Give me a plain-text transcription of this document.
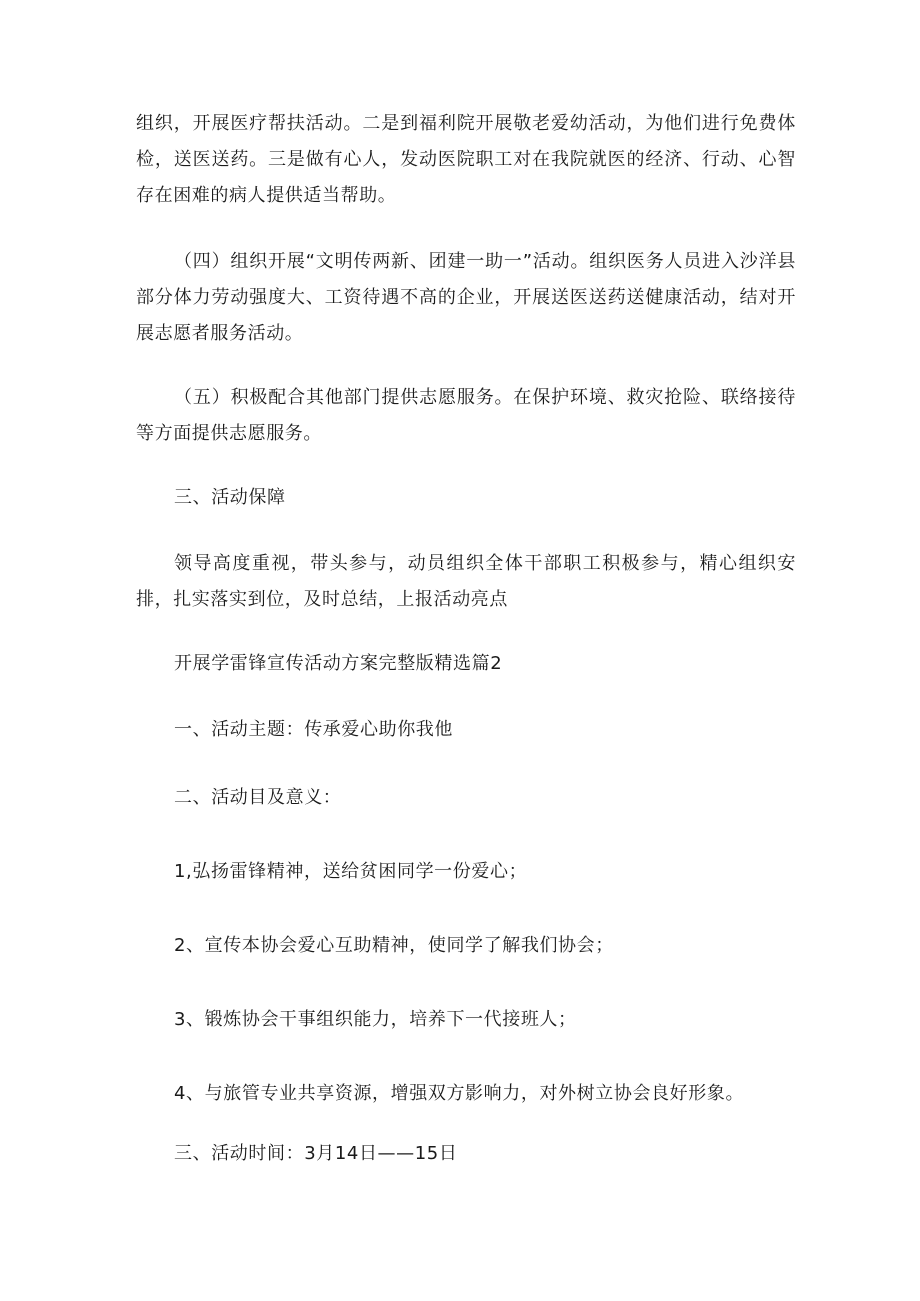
组织，开展医疗帮扶活动。二是到福利院开展敬老爱幼活动，为他们进行免费体检，送医送药。三是做有心人，发动医院职工对在我院就医的经济、行动、心智存在困难的病人提供适当帮助。

（四）组织开展“文明传两新、团建一助一”活动。组织医务人员进入沙洋县部分体力劳动强度大、工资待遇不高的企业，开展送医送药送健康活动，结对开展志愿者服务活动。

（五）积极配合其他部门提供志愿服务。在保护环境、救灾抢险、联络接待等方面提供志愿服务。

三、活动保障

领导高度重视，带头参与，动员组织全体干部职工积极参与，精心组织安排，扎实落实到位，及时总结，上报活动亮点

开展学雷锋宣传活动方案完整版精选篇2

一、活动主题：传承爱心助你我他

二、活动目及意义：

1,弘扬雷锋精神，送给贫困同学一份爱心；

2、宣传本协会爱心互助精神，使同学了解我们协会；

3、锻炼协会干事组织能力，培养下一代接班人；

4、与旅管专业共享资源，增强双方影响力，对外树立协会良好形象。

三、活动时间：3月14日——15日
